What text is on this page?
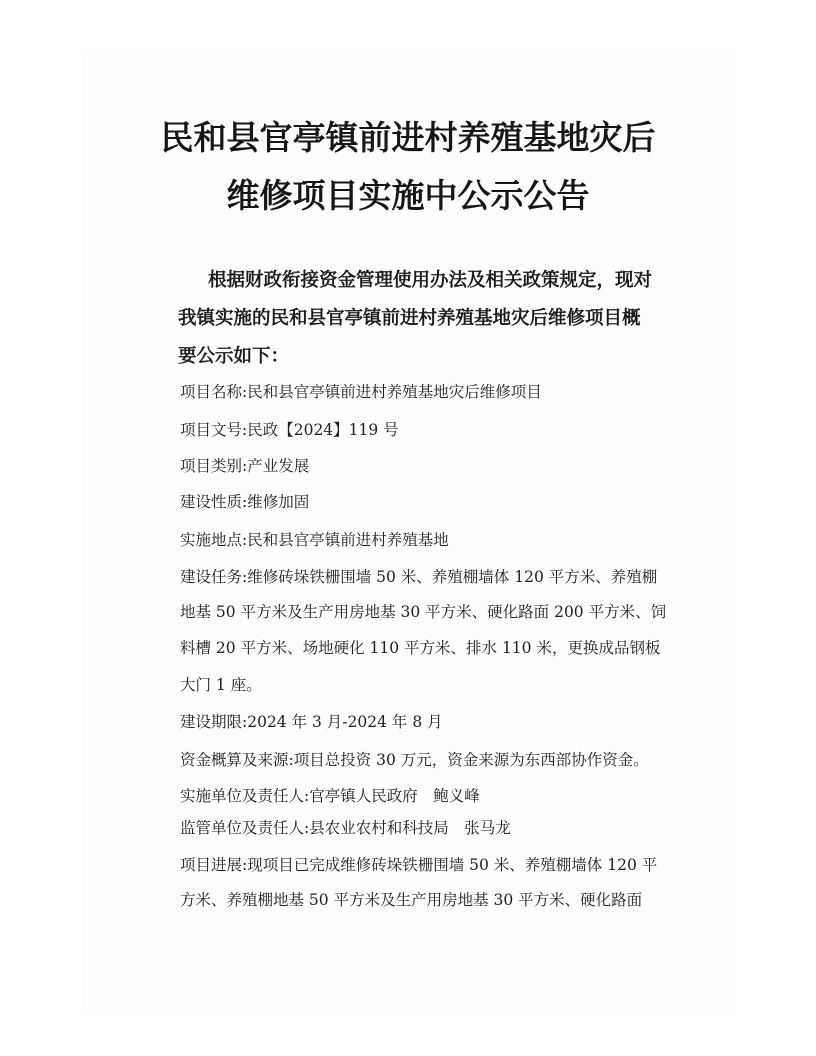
民和县官亭镇前进村养殖基地灾后
维修项目实施中公示公告
根据财政衔接资金管理使用办法及相关政策规定，现对
我镇实施的民和县官亭镇前进村养殖基地灾后维修项目概
要公示如下：
项目名称:民和县官亭镇前进村养殖基地灾后维修项目
项目文号:民政【2024】119 号
项目类别:产业发展
建设性质:维修加固
实施地点:民和县官亭镇前进村养殖基地
建设任务:维修砖垛铁栅围墙 50 米、养殖棚墙体 120 平方米、养殖棚
地基 50 平方米及生产用房地基 30 平方米、硬化路面 200 平方米、饲
料槽 20 平方米、场地硬化 110 平方米、排水 110 米，更换成品钢板
大门 1 座。
建设期限:2024 年 3 月-2024 年 8 月
资金概算及来源:项目总投资 30 万元，资金来源为东西部协作资金。
实施单位及责任人:官亭镇人民政府　鲍义峰
监管单位及责任人:县农业农村和科技局　张马龙
项目进展:现项目已完成维修砖垛铁栅围墙 50 米、养殖棚墙体 120 平
方米、养殖棚地基 50 平方米及生产用房地基 30 平方米、硬化路面
